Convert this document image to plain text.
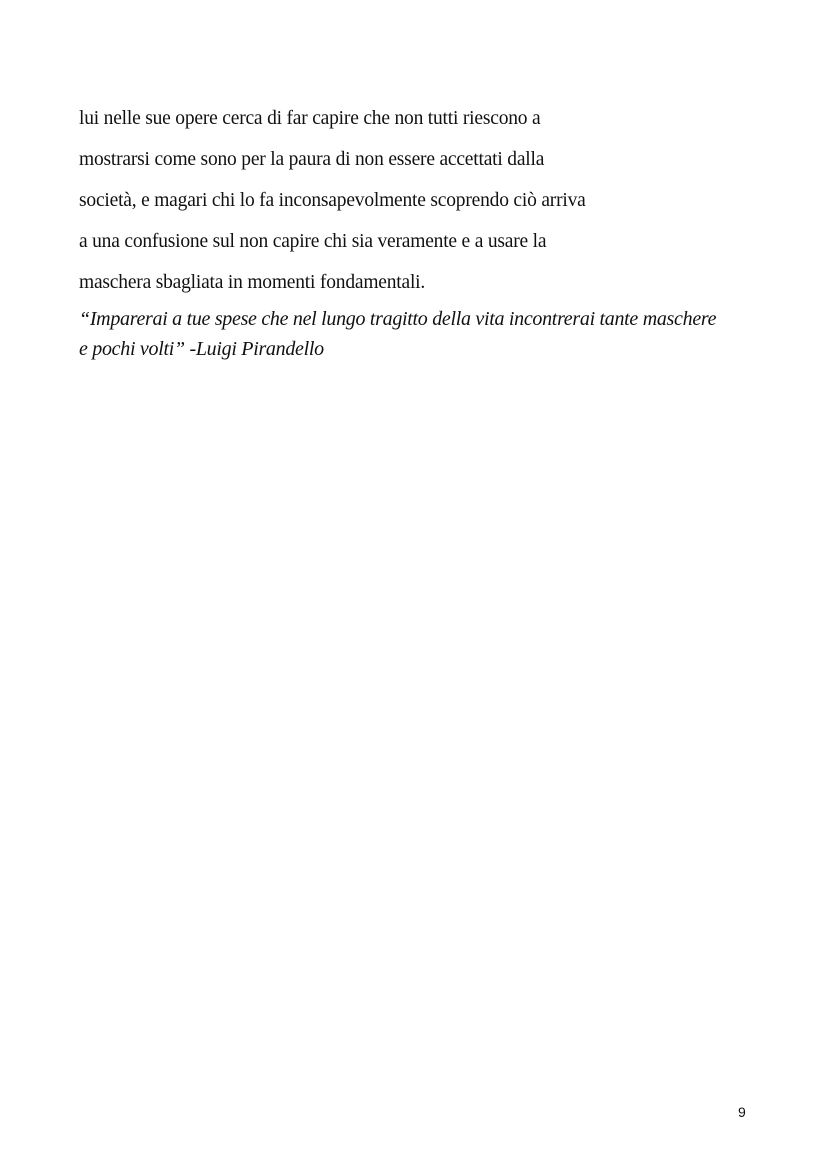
lui nelle sue opere cerca di far capire che non tutti riescono a
mostrarsi come sono per la paura di non essere accettati dalla
società, e magari chi lo fa inconsapevolmente scoprendo ciò arriva
a una confusione sul non capire chi sia veramente e a usare la
maschera sbagliata in momenti fondamentali.

“Imparerai a tue spese che nel lungo tragitto della vita incontrerai tante maschere
e pochi volti” -Luigi Pirandello

9
